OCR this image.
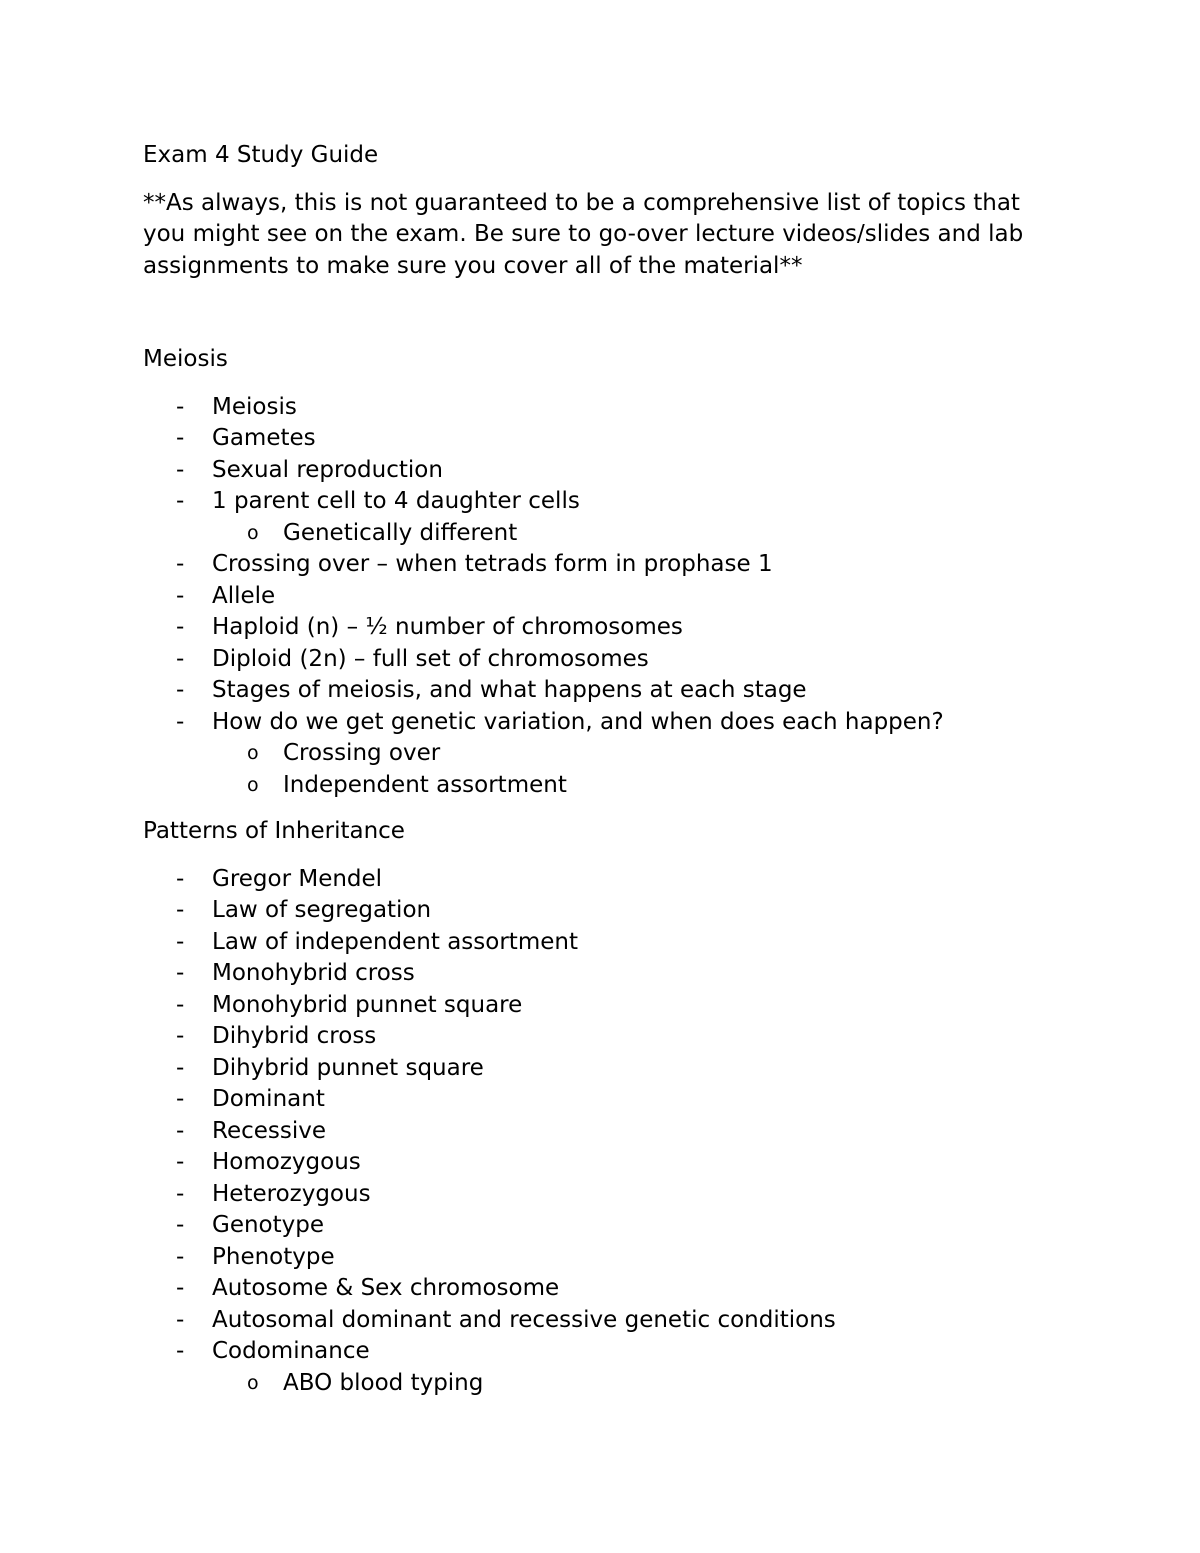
Exam 4 Study Guide
**As always, this is not guaranteed to be a comprehensive list of topics that you might see on the exam. Be sure to go-over lecture videos/slides and lab assignments to make sure you cover all of the material**
Meiosis
- Meiosis
- Gametes
- Sexual reproduction
- 1 parent cell to 4 daughter cells
o Genetically different
- Crossing over – when tetrads form in prophase 1
- Allele
- Haploid (n) – ½ number of chromosomes
- Diploid (2n) – full set of chromosomes
- Stages of meiosis, and what happens at each stage
- How do we get genetic variation, and when does each happen?
o Crossing over
o Independent assortment
Patterns of Inheritance
- Gregor Mendel
- Law of segregation
- Law of independent assortment
- Monohybrid cross
- Monohybrid punnet square
- Dihybrid cross
- Dihybrid punnet square
- Dominant
- Recessive
- Homozygous
- Heterozygous
- Genotype
- Phenotype
- Autosome & Sex chromosome
- Autosomal dominant and recessive genetic conditions
- Codominance
o ABO blood typing
